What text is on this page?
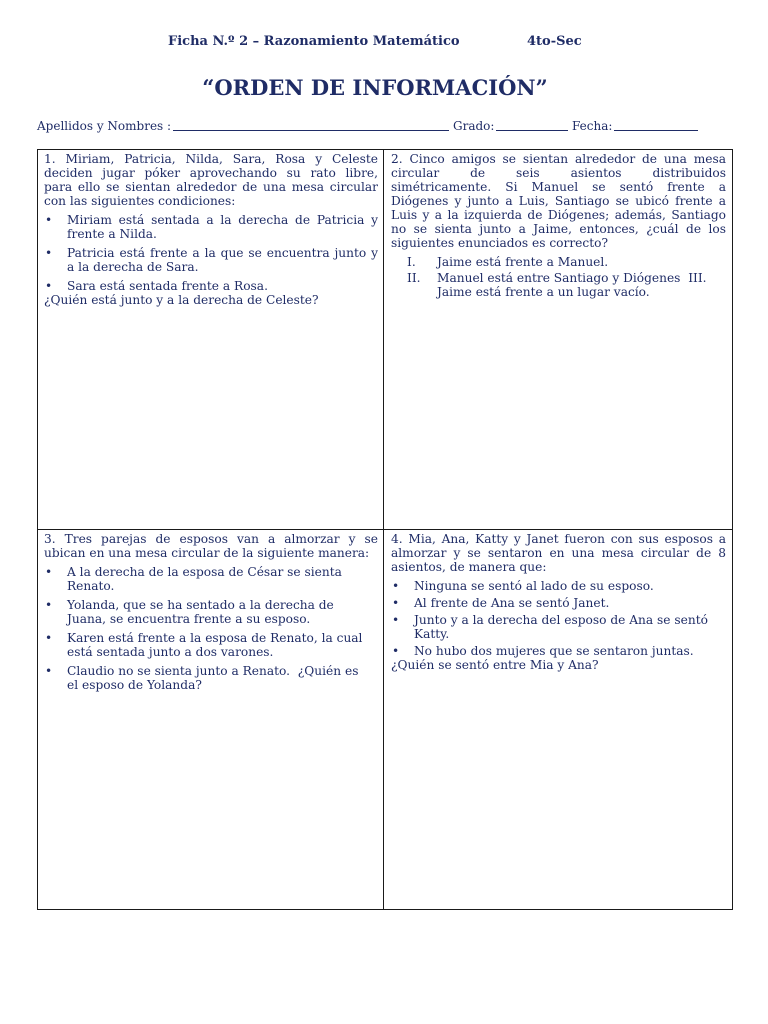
Ficha N.º 2 – Razonamiento Matemático	4to-Sec
“ORDEN DE INFORMACIÓN”
Apellidos y Nombres :	Grado:	Fecha:
1. Miriam, Patricia, Nilda, Sara, Rosa y Celeste
deciden jugar póker aprovechando su rato libre,
para ello se sientan alrededor de una mesa circular
con las siguientes condiciones:
• Miriam está sentada a la derecha de Patricia y
frente a Nilda.
• Patricia está frente a la que se encuentra junto y
a la derecha de Sara.
• Sara está sentada frente a Rosa.
¿Quién está junto y a la derecha de Celeste?
2. Cinco amigos se sientan alrededor de una mesa
circular de seis asientos distribuidos
simétricamente. Si Manuel se sentó frente a
Diógenes y junto a Luis, Santiago se ubicó frente a
Luis y a la izquierda de Diógenes; además, Santiago
no se sienta junto a Jaime, entonces, ¿cuál de los
siguientes enunciados es correcto?
I. Jaime está frente a Manuel.
II. Manuel está entre Santiago y Diógenes  III.
Jaime está frente a un lugar vacío.
3. Tres parejas de esposos van a almorzar y se
ubican en una mesa circular de la siguiente manera:
• A la derecha de la esposa de César se sienta
Renato.
• Yolanda, que se ha sentado a la derecha de
Juana, se encuentra frente a su esposo.
• Karen está frente a la esposa de Renato, la cual
está sentada junto a dos varones.
• Claudio no se sienta junto a Renato.  ¿Quién es
el esposo de Yolanda?
4. Mia, Ana, Katty y Janet fueron con sus esposos a
almorzar y se sentaron en una mesa circular de 8
asientos, de manera que:
• Ninguna se sentó al lado de su esposo.
• Al frente de Ana se sentó Janet.
• Junto y a la derecha del esposo de Ana se sentó
Katty.
• No hubo dos mujeres que se sentaron juntas.
¿Quién se sentó entre Mia y Ana?
